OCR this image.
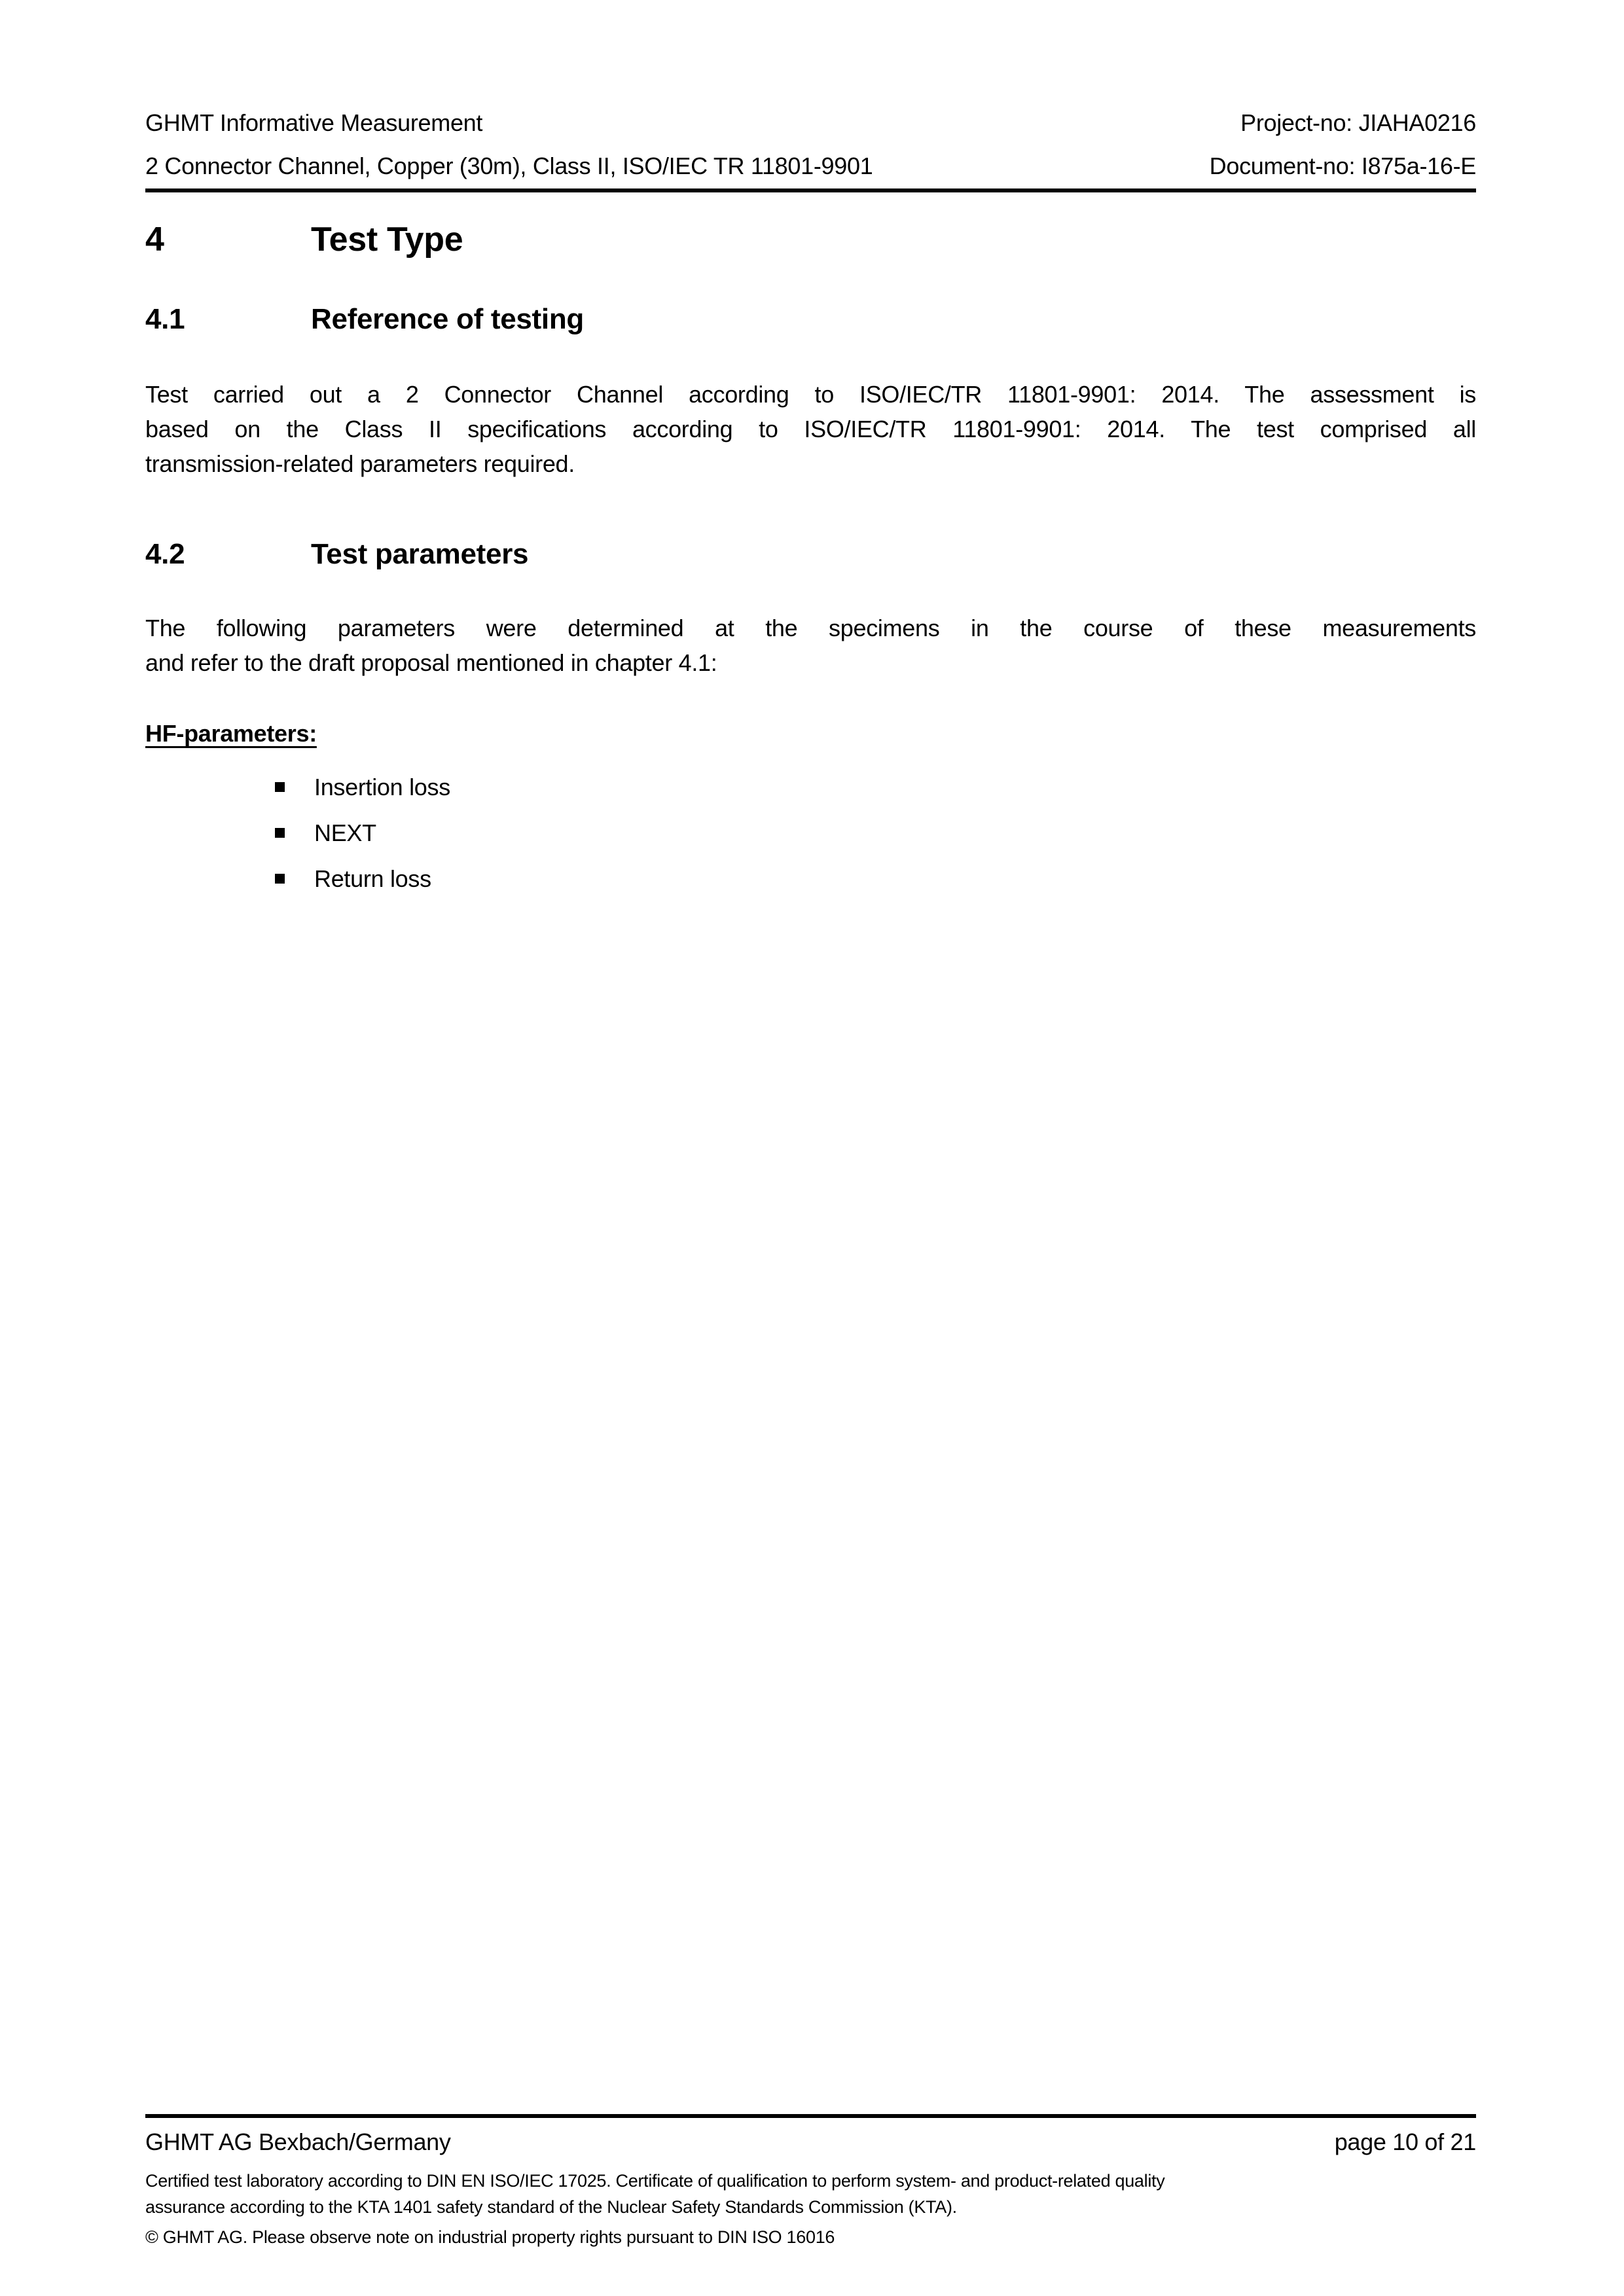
GHMT Informative Measurement	Project-no: JIAHA0216
2 Connector Channel, Copper (30m), Class II, ISO/IEC TR 11801-9901	Document-no: I875a-16-E
4	Test Type
4.1	Reference of testing
Test carried out a 2 Connector Channel according to ISO/IEC/TR 11801-9901: 2014. The assessment is
based on the Class II specifications according to ISO/IEC/TR 11801-9901: 2014. The test comprised all
transmission-related parameters required.
4.2	Test parameters
The following parameters were determined at the specimens in the course of these measurements
and refer to the draft proposal mentioned in chapter 4.1:
HF-parameters:
Insertion loss
NEXT
Return loss
GHMT AG Bexbach/Germany	page 10 of 21
Certified test laboratory according to DIN EN ISO/IEC 17025. Certificate of qualification to perform system- and product-related quality
assurance according to the KTA 1401 safety standard of the Nuclear Safety Standards Commission (KTA).
© GHMT AG. Please observe note on industrial property rights pursuant to DIN ISO 16016
